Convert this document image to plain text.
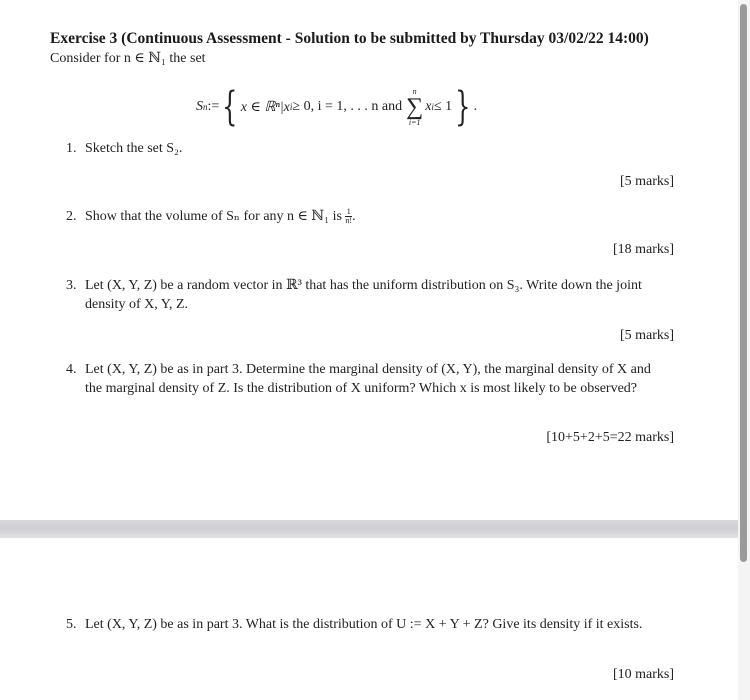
Exercise 3 (Continuous Assessment - Solution to be submitted by Thursday 03/02/22 14:00)
Consider for n ∈ ℕ₁ the set
S n := { x ∈ ℝⁿ|x i ≥ 0, i = 1, . . . n and
n
∑
i=1
x i ≤ 1 } .
1. Sketch the set S₂.
[5 marks]
2. Show that the volume of Sₙ for any n ∈ ℕ₁ is $\frac{1}{n!}$ .
[18 marks]
3. Let (X, Y, Z) be a random vector in ℝ³ that has the uniform distribution on S₃. Write down the joint density of X, Y, Z.
[5 marks]
4. Let (X, Y, Z) be as in part 3. Determine the marginal density of (X, Y), the marginal density of X and the marginal density of Z. Is the distribution of X uniform? Which x is most likely to be observed?
[10+5+2+5=22 marks]
5. Let (X, Y, Z) be as in part 3. What is the distribution of U := X + Y + Z? Give its density if it exists.
[10 marks]
